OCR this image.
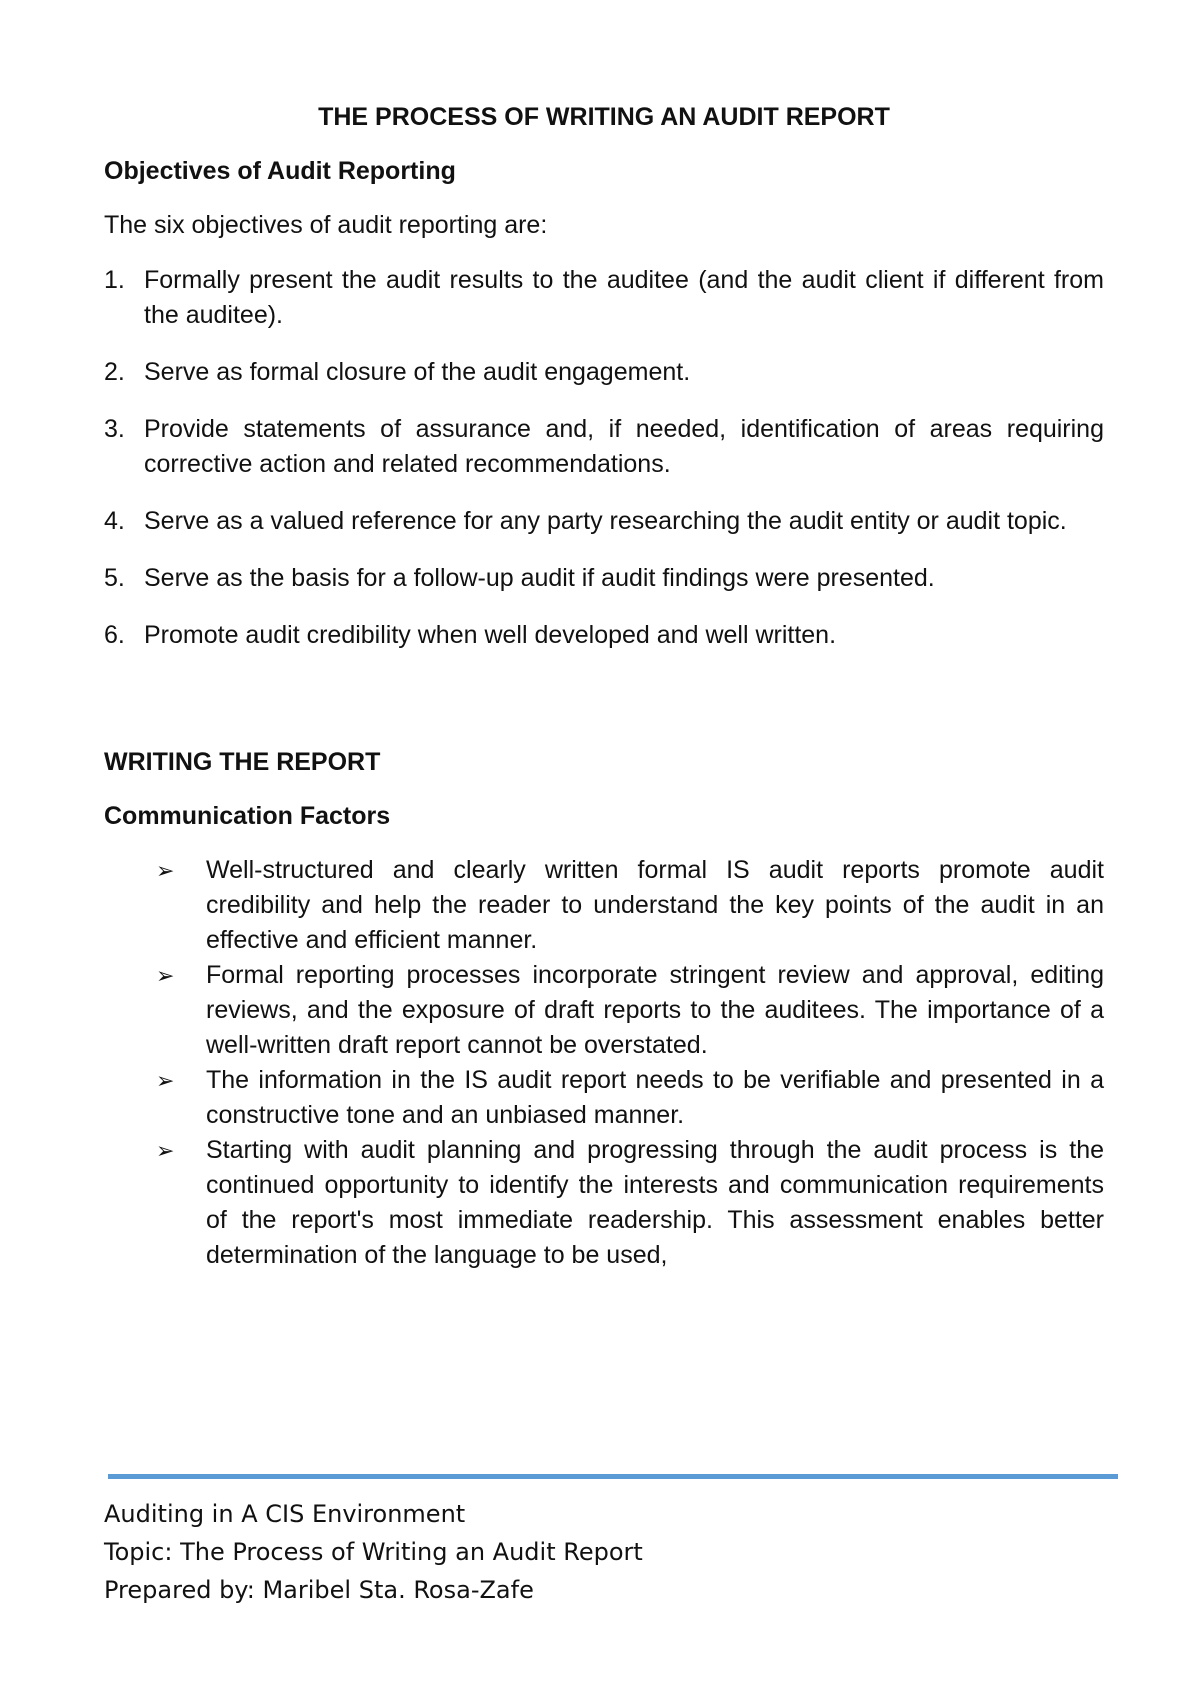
THE PROCESS OF WRITING AN AUDIT REPORT
Objectives of Audit Reporting
The six objectives of audit reporting are:
1. Formally present the audit results to the auditee (and the audit client if different from the auditee).
2. Serve as formal closure of the audit engagement.
3. Provide statements of assurance and, if needed, identification of areas requiring corrective action and related recommendations.
4. Serve as a valued reference for any party researching the audit entity or audit topic.
5. Serve as the basis for a follow-up audit if audit findings were presented.
6. Promote audit credibility when well developed and well written.
WRITING THE REPORT
Communication Factors
➢ Well-structured and clearly written formal IS audit reports promote audit credibility and help the reader to understand the key points of the audit in an effective and efficient manner.
➢ Formal reporting processes incorporate stringent review and approval, editing reviews, and the exposure of draft reports to the auditees. The importance of a well-written draft report cannot be overstated.
➢ The information in the IS audit report needs to be verifiable and presented in a constructive tone and an unbiased manner.
➢ Starting with audit planning and progressing through the audit process is the continued opportunity to identify the interests and communication requirements of the report's most immediate readership. This assessment enables better determination of the language to be used,
Auditing in A CIS Environment
Topic: The Process of Writing an Audit Report
Prepared by: Maribel Sta. Rosa-Zafe
